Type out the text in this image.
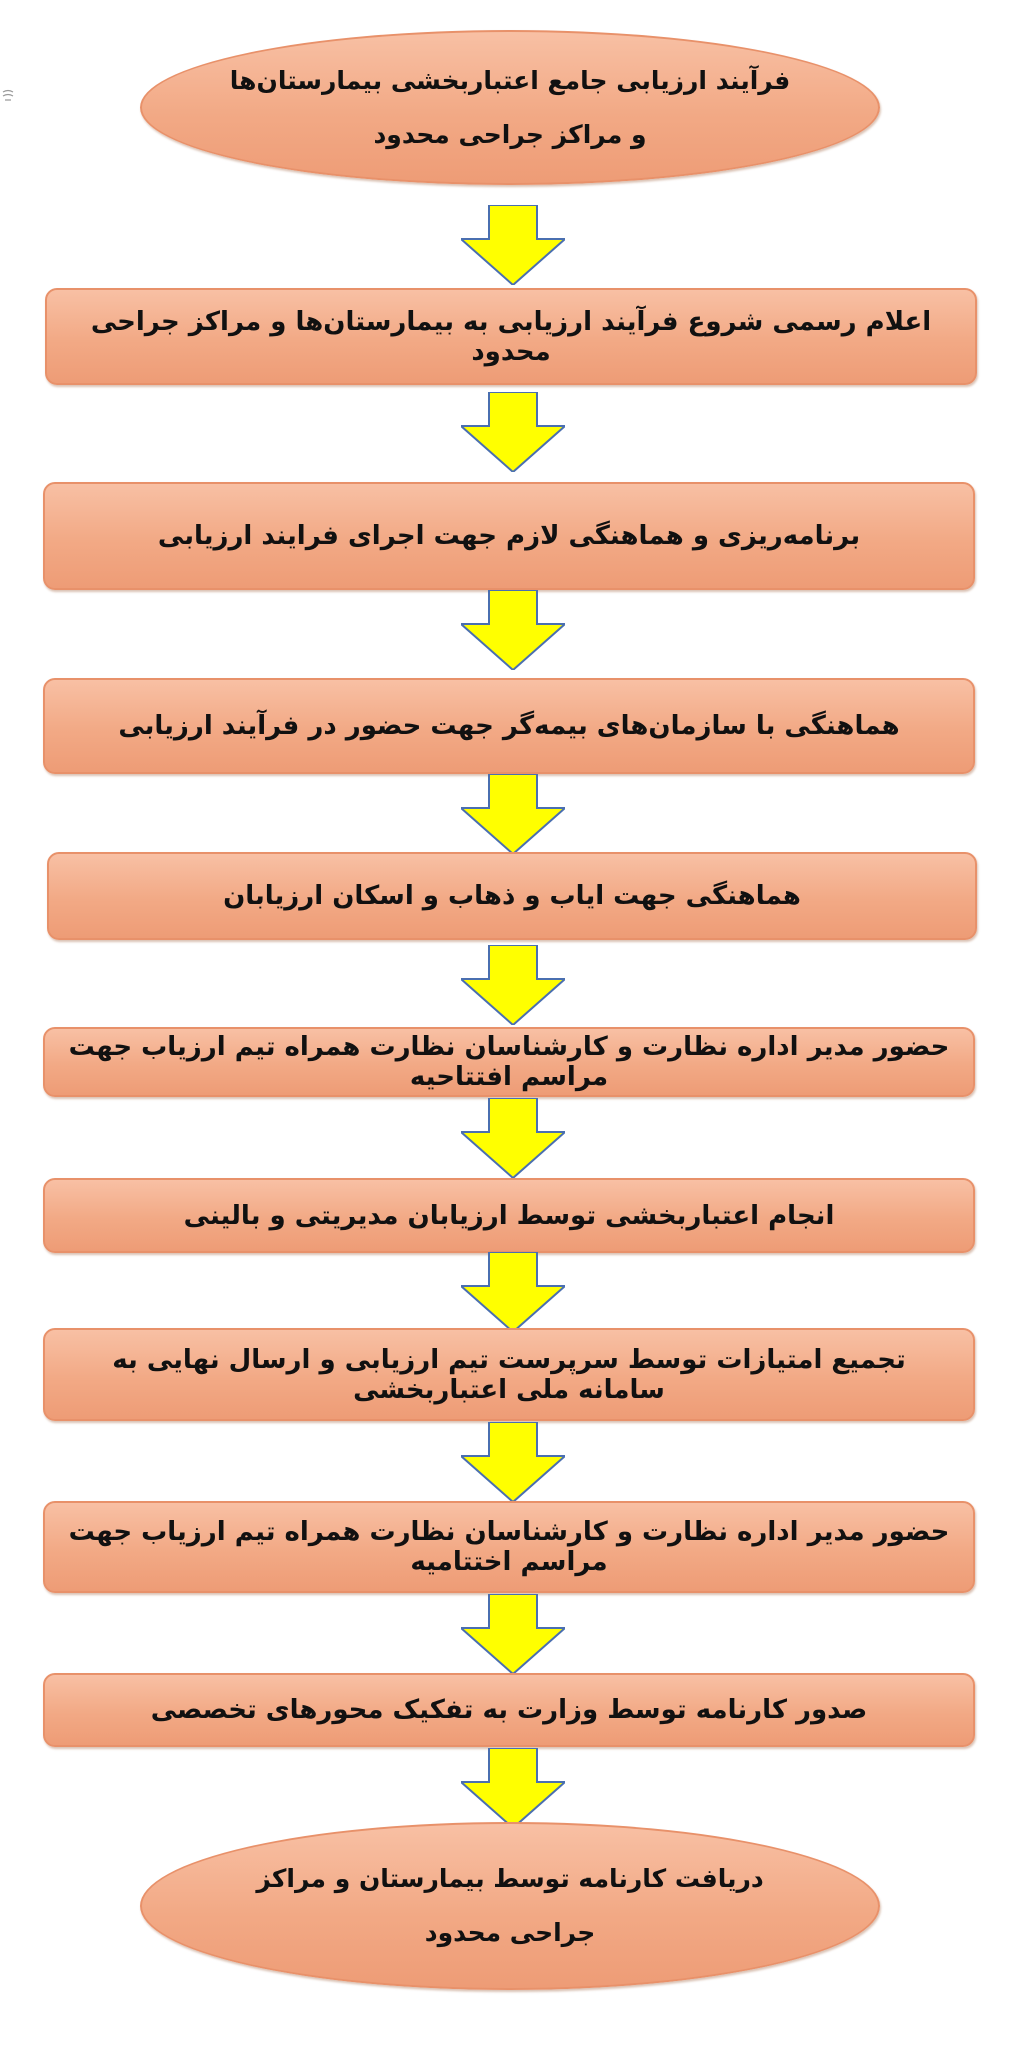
فرآیند ارزیابی جامع اعتباربخشی بیمارستان‌ها
و مراکز جراحی محدود
اعلام رسمی شروع فرآیند ارزیابی به بیمارستان‌ها و مراکز جراحی محدود
برنامه‌ریزی و هماهنگی لازم جهت اجرای فرایند ارزیابی
هماهنگی با سازمان‌های بیمه‌گر جهت حضور در فرآیند ارزیابی
هماهنگی جهت ایاب و ذهاب و اسکان ارزیابان
حضور مدیر اداره نظارت و کارشناسان نظارت همراه تیم ارزیاب جهت مراسم افتتاحیه
انجام اعتباربخشی توسط ارزیابان مدیریتی و بالینی
تجمیع امتیازات توسط سرپرست تیم ارزیابی و ارسال نهایی به سامانه ملی اعتباربخشی
حضور مدیر اداره نظارت و کارشناسان نظارت همراه تیم ارزیاب جهت مراسم اختتامیه
صدور کارنامه توسط وزارت به تفکیک محورهای تخصصی
دریافت کارنامه توسط بیمارستان و مراکز
جراحی محدود
